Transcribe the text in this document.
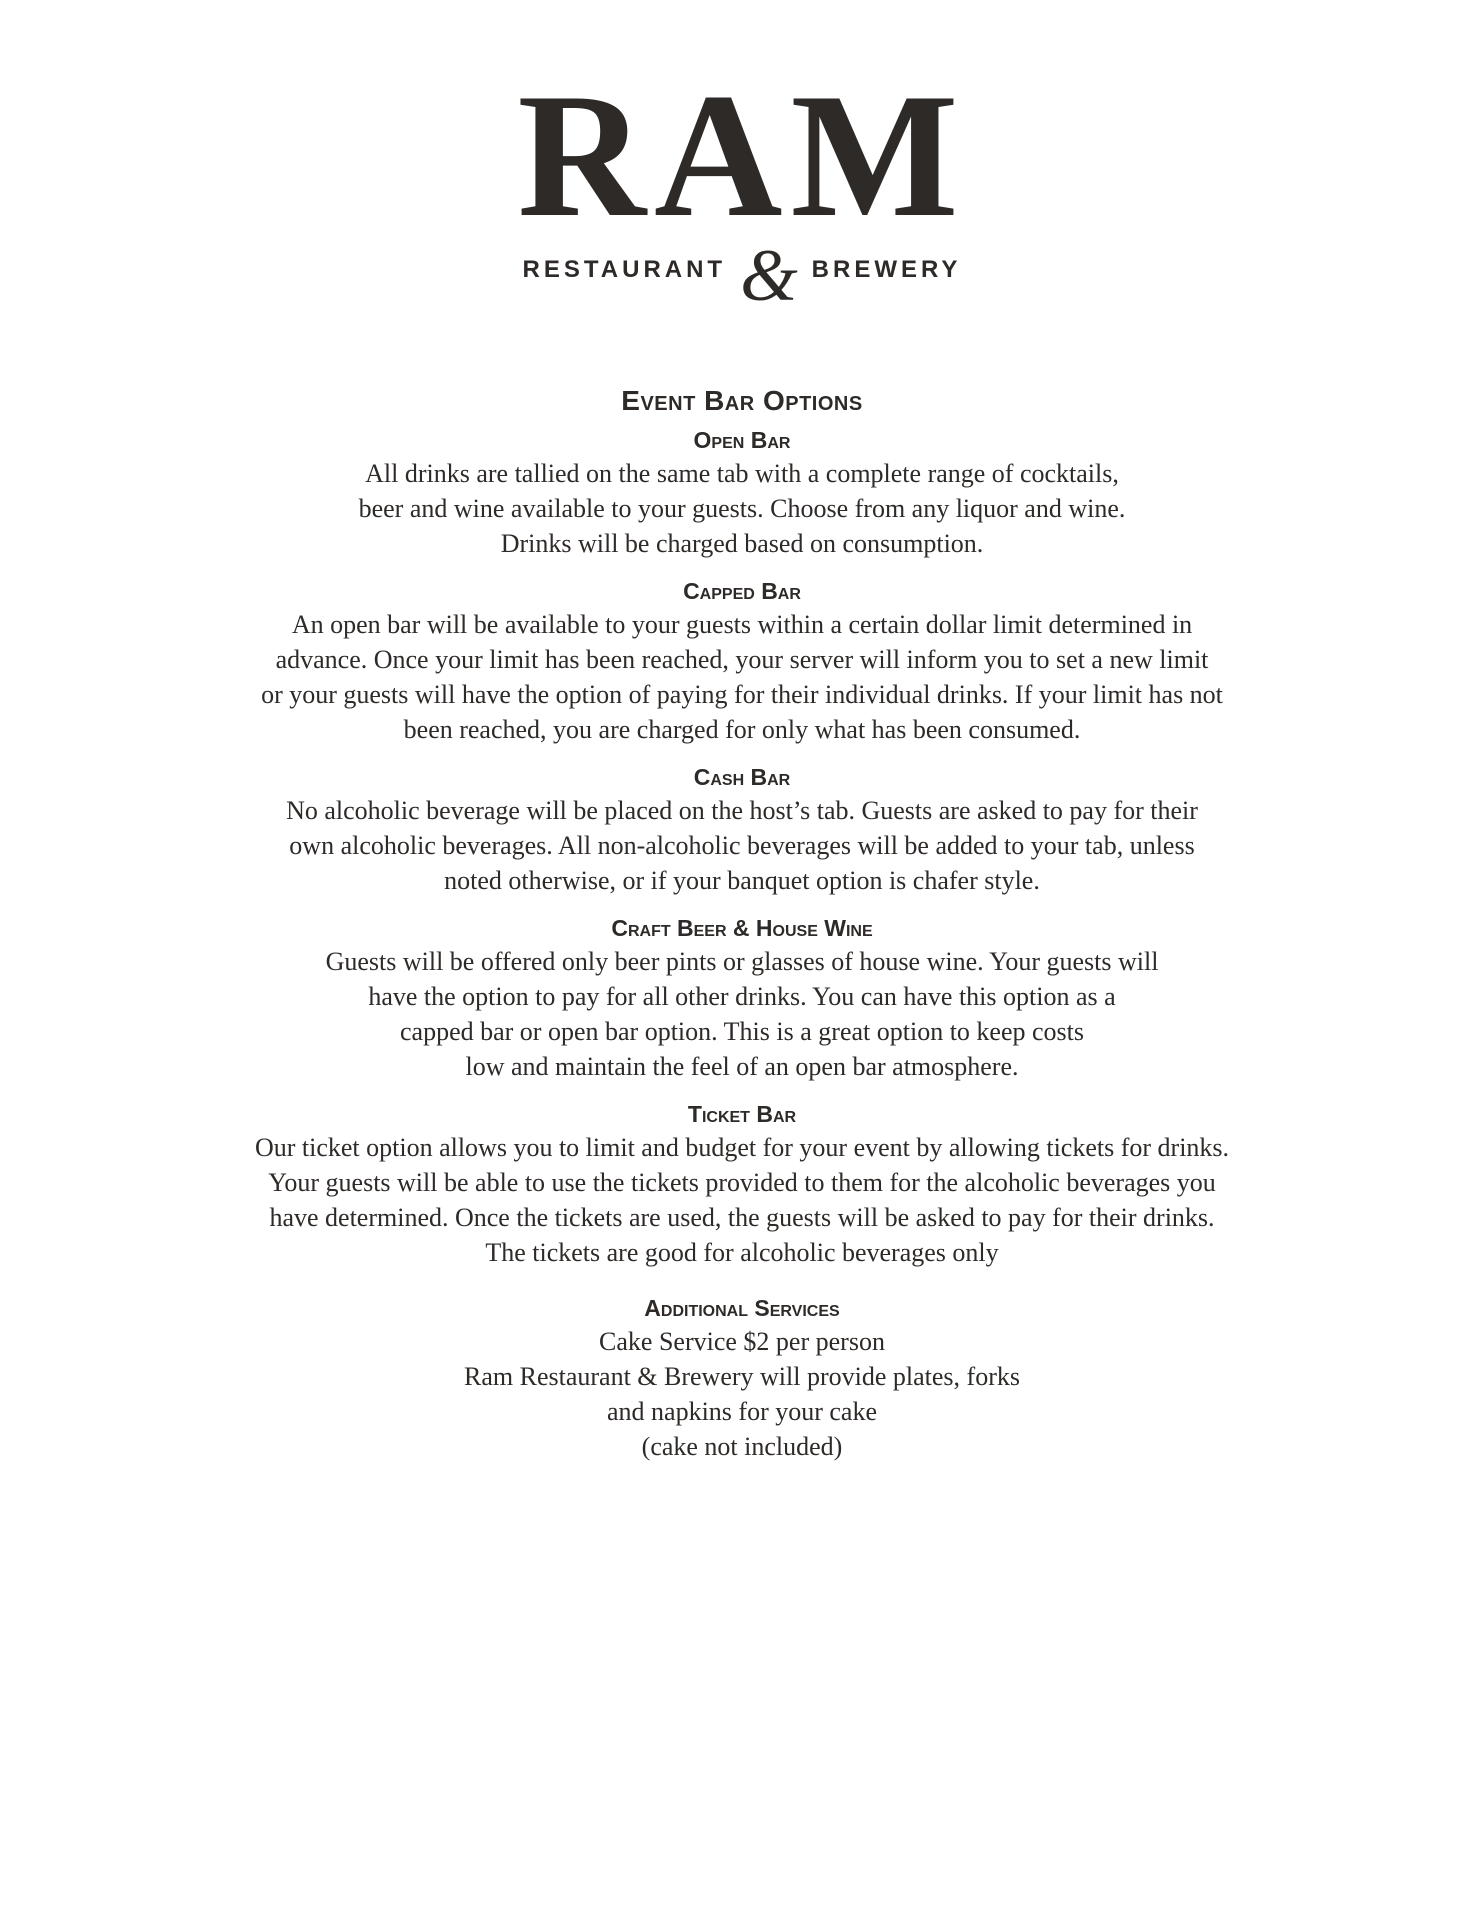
RAM
RESTAURANT & BREWERY
Event Bar Options
Open Bar

All drinks are tallied on the same tab with a complete range of cocktails,

beer and wine available to your guests. Choose from any liquor and wine.

Drinks will be charged based on consumption.

Capped Bar

An open bar will be available to your guests within a certain dollar limit determined in

advance. Once your limit has been reached, your server will inform you to set a new limit

or your guests will have the option of paying for their individual drinks. If your limit has not

been reached, you are charged for only what has been consumed.

Cash Bar

No alcoholic beverage will be placed on the host’s tab. Guests are asked to pay for their

own alcoholic beverages. All non-alcoholic beverages will be added to your tab, unless

noted otherwise, or if your banquet option is chafer style.

Craft Beer & House Wine

Guests will be offered only beer pints or glasses of house wine. Your guests will

have the option to pay for all other drinks. You can have this option as a

capped bar or open bar option. This is a great option to keep costs

low and maintain the feel of an open bar atmosphere.

Ticket Bar

Our ticket option allows you to limit and budget for your event by allowing tickets for drinks.

Your guests will be able to use the tickets provided to them for the alcoholic beverages you

have determined. Once the tickets are used, the guests will be asked to pay for their drinks.

The tickets are good for alcoholic beverages only

Additional Services

Cake Service $2 per person

Ram Restaurant & Brewery will provide plates, forks

and napkins for your cake

(cake not included)
